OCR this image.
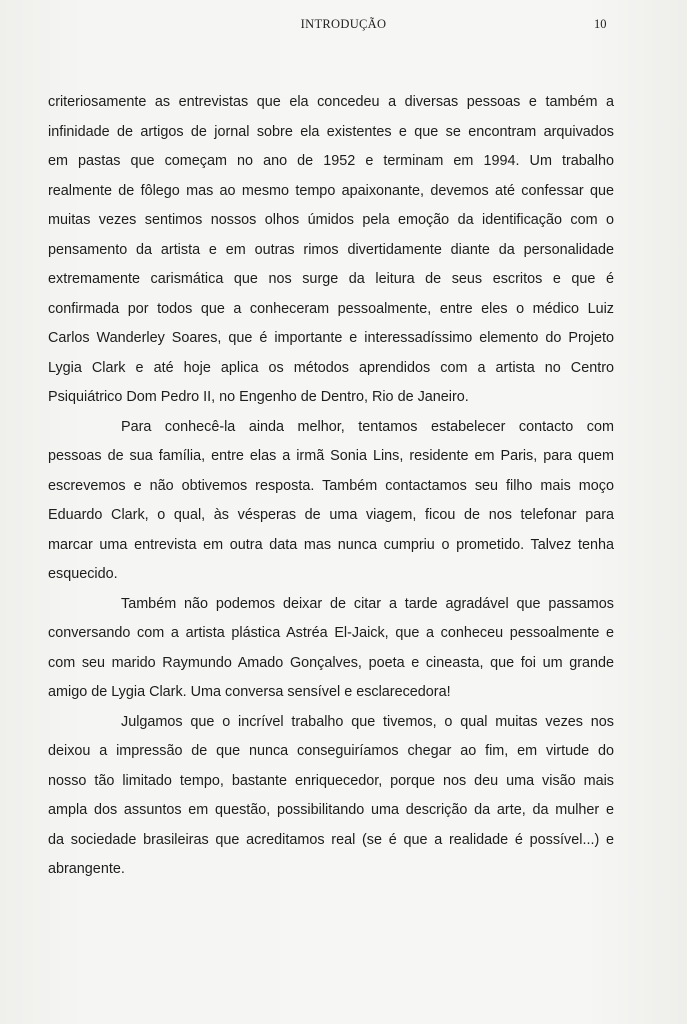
INTRODUÇÃO	10
criteriosamente as entrevistas que ela concedeu a diversas pessoas e também a
infinidade de artigos de jornal sobre ela existentes e que se encontram arquivados
em pastas que começam no ano de 1952 e terminam em 1994. Um trabalho
realmente de fôlego mas ao mesmo tempo apaixonante, devemos até confessar que
muitas vezes sentimos nossos olhos úmidos pela emoção da identificação com o
pensamento da artista e em outras rimos divertidamente diante da personalidade
extremamente carismática que nos surge da leitura de seus escritos e que é
confirmada por todos que a conheceram pessoalmente, entre eles o médico Luiz
Carlos Wanderley Soares, que é importante e interessadíssimo elemento do Projeto
Lygia Clark e até hoje aplica os métodos aprendidos com a artista no Centro
Psiquiátrico Dom Pedro II, no Engenho de Dentro, Rio de Janeiro.
Para conhecê-la ainda melhor, tentamos estabelecer contacto com
pessoas de sua família, entre elas a irmã Sonia Lins, residente em Paris, para quem
escrevemos e não obtivemos resposta. Também contactamos seu filho mais moço
Eduardo Clark, o qual, às vésperas de uma viagem, ficou de nos telefonar para
marcar uma entrevista em outra data mas nunca cumpriu o prometido. Talvez tenha
esquecido.
Também não podemos deixar de citar a tarde agradável que passamos
conversando com a artista plástica Astréa El-Jaick, que a conheceu pessoalmente e
com seu marido Raymundo Amado Gonçalves, poeta e cineasta, que foi um grande
amigo de Lygia Clark. Uma conversa sensível e esclarecedora!
Julgamos que o incrível trabalho que tivemos, o qual muitas vezes nos
deixou a impressão de que nunca conseguiríamos chegar ao fim, em virtude do
nosso tão limitado tempo, bastante enriquecedor, porque nos deu uma visão mais
ampla dos assuntos em questão, possibilitando uma descrição da arte, da mulher e
da sociedade brasileiras que acreditamos real (se é que a realidade é possível...) e
abrangente.
